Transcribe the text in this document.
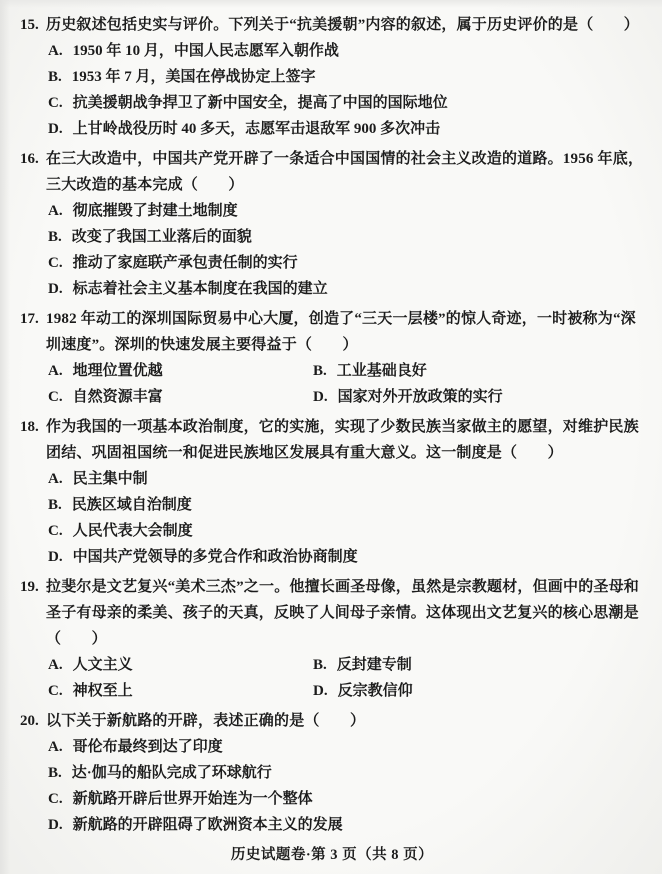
15. 历史叙述包括史实与评价。下列关于“抗美援朝”内容的叙述，属于历史评价的是（　　）

A. 1950 年 10 月，中国人民志愿军入朝作战
B. 1953 年 7 月，美国在停战协定上签字
C. 抗美援朝战争捍卫了新中国安全，提高了中国的国际地位
D. 上甘岭战役历时 40 多天，志愿军击退敌军 900 多次冲击
16. 在三大改造中，中国共产党开辟了一条适合中国国情的社会主义改造的道路。1956 年底，三大改造的基本完成（　　）

A. 彻底摧毁了封建土地制度
B. 改变了我国工业落后的面貌
C. 推动了家庭联产承包责任制的实行
D. 标志着社会主义基本制度在我国的建立
17. 1982 年动工的深圳国际贸易中心大厦，创造了“三天一层楼”的惊人奇迹，一时被称为“深圳速度”。深圳的快速发展主要得益于（　　）

A. 地理位置优越	B. 工业基础良好
C. 自然资源丰富	D. 国家对外开放政策的实行
18. 作为我国的一项基本政治制度，它的实施，实现了少数民族当家做主的愿望，对维护民族团结、巩固祖国统一和促进民族地区发展具有重大意义。这一制度是（　　）

A. 民主集中制
B. 民族区域自治制度
C. 人民代表大会制度
D. 中国共产党领导的多党合作和政治协商制度
19. 拉斐尔是文艺复兴“美术三杰”之一。他擅长画圣母像，虽然是宗教题材，但画中的圣母和圣子有母亲的柔美、孩子的天真，反映了人间母子亲情。这体现出文艺复兴的核心思潮是（　　）

A. 人文主义	B. 反封建专制
C. 神权至上	D. 反宗教信仰
20. 以下关于新航路的开辟，表述正确的是（　　）

A. 哥伦布最终到达了印度
B. 达·伽马的船队完成了环球航行
C. 新航路开辟后世界开始连为一个整体
D. 新航路的开辟阻碍了欧洲资本主义的发展
历史试题卷·第 3 页（共 8 页）
